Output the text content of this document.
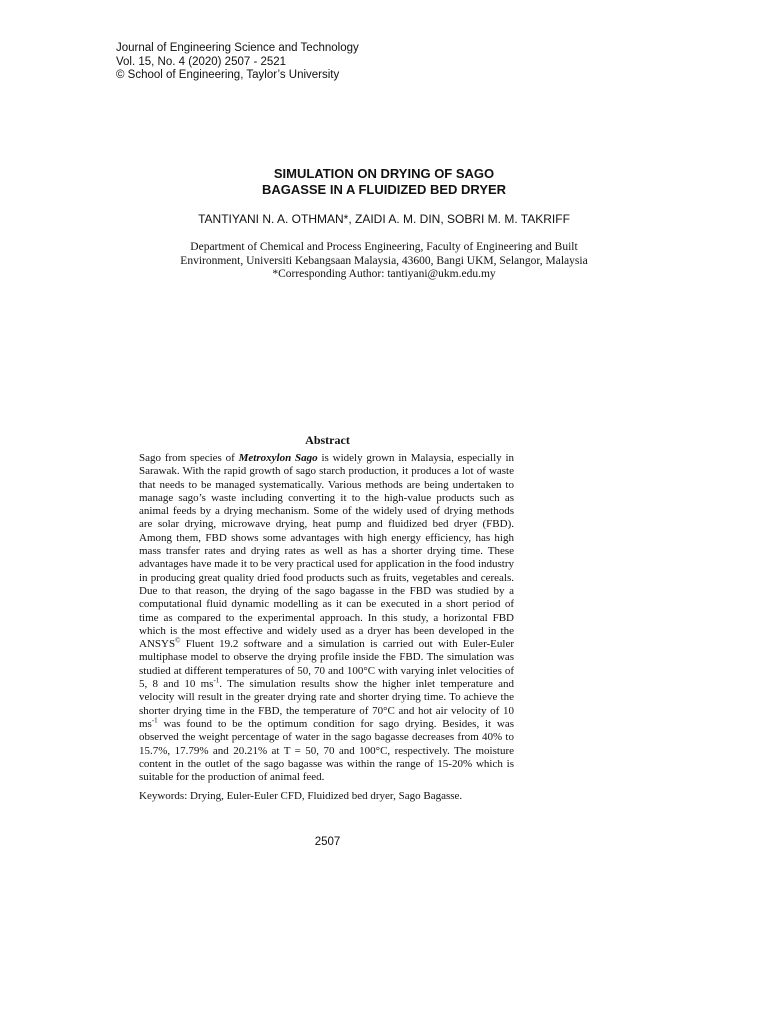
Journal of Engineering Science and Technology
Vol. 15, No. 4 (2020) 2507 - 2521
© School of Engineering, Taylor’s University
SIMULATION ON DRYING OF SAGO
BAGASSE IN A FLUIDIZED BED DRYER
TANTIYANI N. A. OTHMAN*, ZAIDI A. M. DIN, SOBRI M. M. TAKRIFF
Department of Chemical and Process Engineering, Faculty of Engineering and Built
Environment, Universiti Kebangsaan Malaysia, 43600, Bangi UKM, Selangor, Malaysia
*Corresponding Author: tantiyani@ukm.edu.my
Abstract
Sago from species of Metroxylon Sago is widely grown in Malaysia, especially in Sarawak. With the rapid growth of sago starch production, it produces a lot of waste that needs to be managed systematically. Various methods are being undertaken to manage sago’s waste including converting it to the high-value products such as animal feeds by a drying mechanism. Some of the widely used of drying methods are solar drying, microwave drying, heat pump and fluidized bed dryer (FBD). Among them, FBD shows some advantages with high energy efficiency, has high mass transfer rates and drying rates as well as has a shorter drying time. These advantages have made it to be very practical used for application in the food industry in producing great quality dried food products such as fruits, vegetables and cereals. Due to that reason, the drying of the sago bagasse in the FBD was studied by a computational fluid dynamic modelling as it can be executed in a short period of time as compared to the experimental approach. In this study, a horizontal FBD which is the most effective and widely used as a dryer has been developed in the ANSYS© Fluent 19.2 software and a simulation is carried out with Euler-Euler multiphase model to observe the drying profile inside the FBD. The simulation was studied at different temperatures of 50, 70 and 100°C with varying inlet velocities of 5, 8 and 10 $ms^{-1}$. The simulation results show the higher inlet temperature and velocity will result in the greater drying rate and shorter drying time. To achieve the shorter drying time in the FBD, the temperature of 70°C and hot air velocity of 10 $ms^{-1}$ was found to be the optimum condition for sago drying. Besides, it was observed the weight percentage of water in the sago bagasse decreases from 40% to 15.7%, 17.79% and 20.21% at T = 50, 70 and 100°C, respectively. The moisture content in the outlet of the sago bagasse was within the range of 15-20% which is suitable for the production of animal feed.
Keywords: Drying, Euler-Euler CFD, Fluidized bed dryer, Sago Bagasse.
2507
